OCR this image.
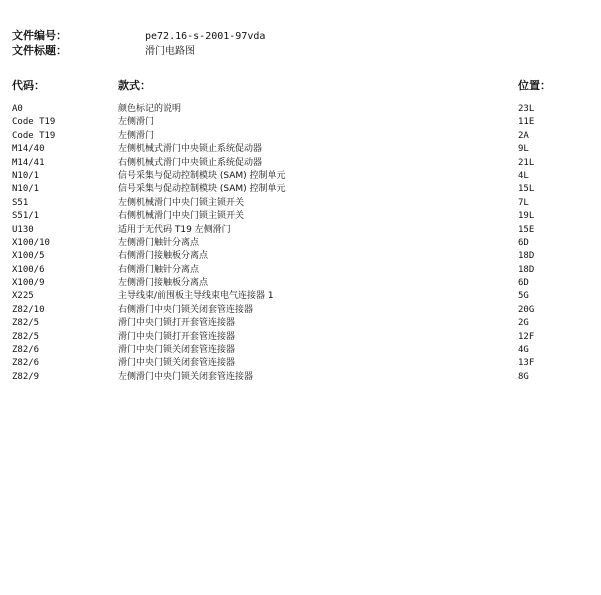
文件编号：	pe72.16-s-2001-97vda
文件标题：	滑门电路图
代码：	款式：	位置：
A0	颜色标记的说明	23L
Code T19	左侧滑门	11E
Code T19	左侧滑门	2A
M14/40	左侧机械式滑门中央锁止系统促动器	9L
M14/41	右侧机械式滑门中央锁止系统促动器	21L
N10/1	信号采集与促动控制模块 (SAM) 控制单元	4L
N10/1	信号采集与促动控制模块 (SAM) 控制单元	15L
S51	左侧机械滑门中央门锁主锁开关	7L
S51/1	右侧机械滑门中央门锁主锁开关	19L
U130	适用于无代码 T19 左侧滑门	15E
X100/10	左侧滑门触针分离点	6D
X100/5	右侧滑门接触板分离点	18D
X100/6	右侧滑门触针分离点	18D
X100/9	左侧滑门接触板分离点	6D
X225	主导线束/前围板主导线束电气连接器 1	5G
Z82/10	右侧滑门中央门锁关闭套管连接器	20G
Z82/5	滑门中央门锁打开套管连接器	2G
Z82/5	滑门中央门锁打开套管连接器	12F
Z82/6	滑门中央门锁关闭套管连接器	4G
Z82/6	滑门中央门锁关闭套管连接器	13F
Z82/9	左侧滑门中央门锁关闭套管连接器	8G
